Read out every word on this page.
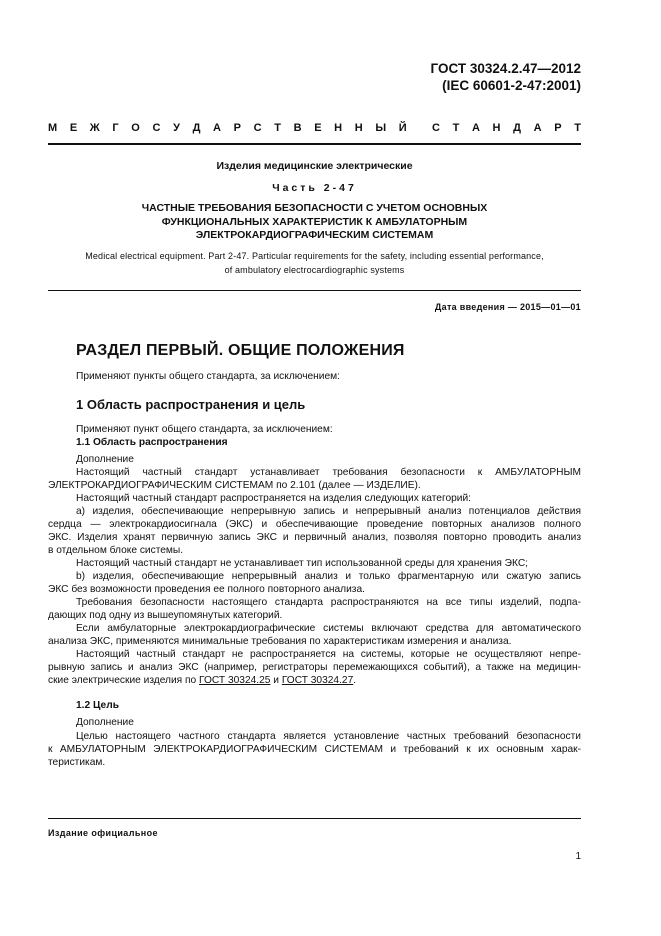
ГОСТ 30324.2.47—2012
(IEC 60601-2-47:2001)
М Е Ж Г О С У Д А Р С Т В Е Н Н Ы Й С Т А Н Д А Р Т
Изделия медицинские электрические
Часть 2-47
ЧАСТНЫЕ ТРЕБОВАНИЯ БЕЗОПАСНОСТИ С УЧЕТОМ ОСНОВНЫХ
ФУНКЦИОНАЛЬНЫХ ХАРАКТЕРИСТИК К АМБУЛАТОРНЫМ
ЭЛЕКТРОКАРДИОГРАФИЧЕСКИМ СИСТЕМАМ
Medical electrical equipment. Part 2-47. Particular requirements for the safety, including essential performance,
of ambulatory electrocardiographic systems
Дата введения — 2015—01—01
РАЗДЕЛ ПЕРВЫЙ. ОБЩИЕ ПОЛОЖЕНИЯ
Применяют пункты общего стандарта, за исключением:
1 Область распространения и цель
Применяют пункт общего стандарта, за исключением:
1.1 Область распространения
Дополнение
Настоящий частный стандарт устанавливает требования безопасности к АМБУЛАТОРНЫМ
ЭЛЕКТРОКАРДИОГРАФИЧЕСКИМ СИСТЕМАМ по 2.101 (далее — ИЗДЕЛИЕ).
Настоящий частный стандарт распространяется на изделия следующих категорий:
a) изделия, обеспечивающие непрерывную запись и непрерывный анализ потенциалов действия
сердца — электрокардиосигнала (ЭКС) и обеспечивающие проведение повторных анализов полного
ЭКС. Изделия хранят первичную запись ЭКС и первичный анализ, позволяя повторно проводить анализ
в отдельном блоке системы.
Настоящий частный стандарт не устанавливает тип использованной среды для хранения ЭКС;
b) изделия, обеспечивающие непрерывный анализ и только фрагментарную или сжатую запись
ЭКС без возможности проведения ее полного повторного анализа.
Требования безопасности настоящего стандарта распространяются на все типы изделий, подпа-
дающих под одну из вышеупомянутых категорий.
Если амбулаторные электрокардиографические системы включают средства для автоматического
анализа ЭКС, применяются минимальные требования по характеристикам измерения и анализа.
Настоящий частный стандарт не распространяется на системы, которые не осуществляют непре-
рывную запись и анализ ЭКС (например, регистраторы перемежающихся событий), а также на медицин-
ские электрические изделия по ГОСТ 30324.25 и ГОСТ 30324.27.
1.2 Цель
Дополнение
Целью настоящего частного стандарта является установление частных требований безопасности
к АМБУЛАТОРНЫМ ЭЛЕКТРОКАРДИОГРАФИЧЕСКИМ СИСТЕМАМ и требований к их основным харак-
теристикам.
Издание официальное
1
